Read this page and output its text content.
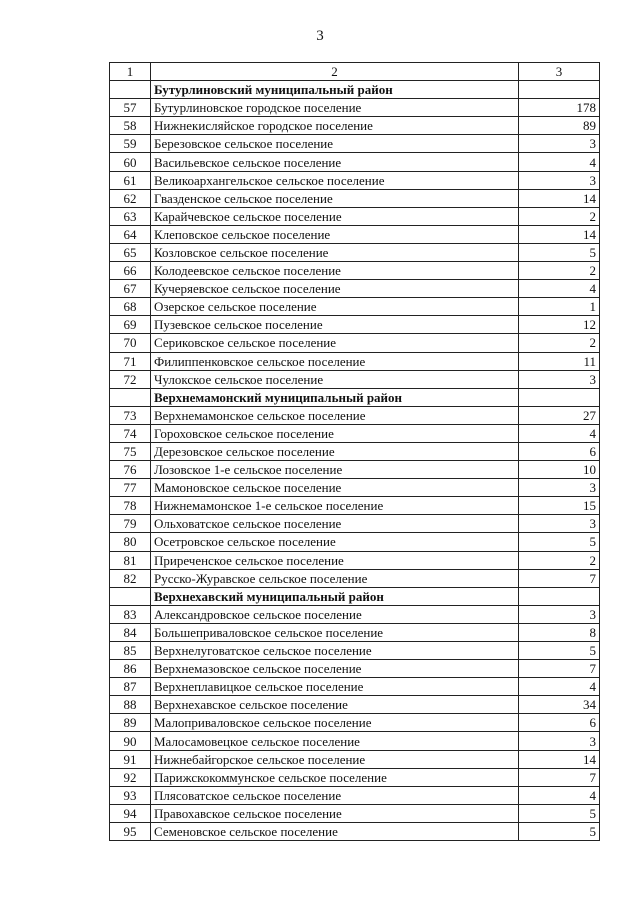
3
1	2	3
	Бутурлиновский муниципальный район	
57	Бутурлиновское городское поселение	178
58	Нижнекисляйское городское поселение	89
59	Березовское сельское поселение	3
60	Васильевское сельское поселение	4
61	Великоархангельское сельское поселение	3
62	Гвазденское сельское поселение	14
63	Карайчевское сельское поселение	2
64	Клеповское сельское поселение	14
65	Козловское сельское поселение	5
66	Колодеевское сельское поселение	2
67	Кучеряевское сельское поселение	4
68	Озерское сельское поселение	1
69	Пузевское сельское поселение	12
70	Сериковское сельское поселение	2
71	Филиппенковское сельское поселение	11
72	Чулокское сельское поселение	3
	Верхнемамонский муниципальный район	
73	Верхнемамонское сельское поселение	27
74	Гороховское сельское поселение	4
75	Дерезовское сельское поселение	6
76	Лозовское 1-е сельское поселение	10
77	Мамоновское сельское поселение	3
78	Нижнемамонское 1-е сельское поселение	15
79	Ольховатское сельское поселение	3
80	Осетровское сельское поселение	5
81	Приреченское сельское поселение	2
82	Русско-Журавское сельское поселение	7
	Верхнехавский муниципальный район	
83	Александровское сельское поселение	3
84	Большеприваловское сельское поселение	8
85	Верхнелуговатское сельское поселение	5
86	Верхнемазовское сельское поселение	7
87	Верхнеплавицкое сельское поселение	4
88	Верхнехавское сельское поселение	34
89	Малоприваловское сельское поселение	6
90	Малосамовецкое сельское поселение	3
91	Нижнебайгорское сельское поселение	14
92	Парижскокоммунское сельское поселение	7
93	Плясоватское сельское поселение	4
94	Правохавское сельское поселение	5
95	Семеновское сельское поселение	5
